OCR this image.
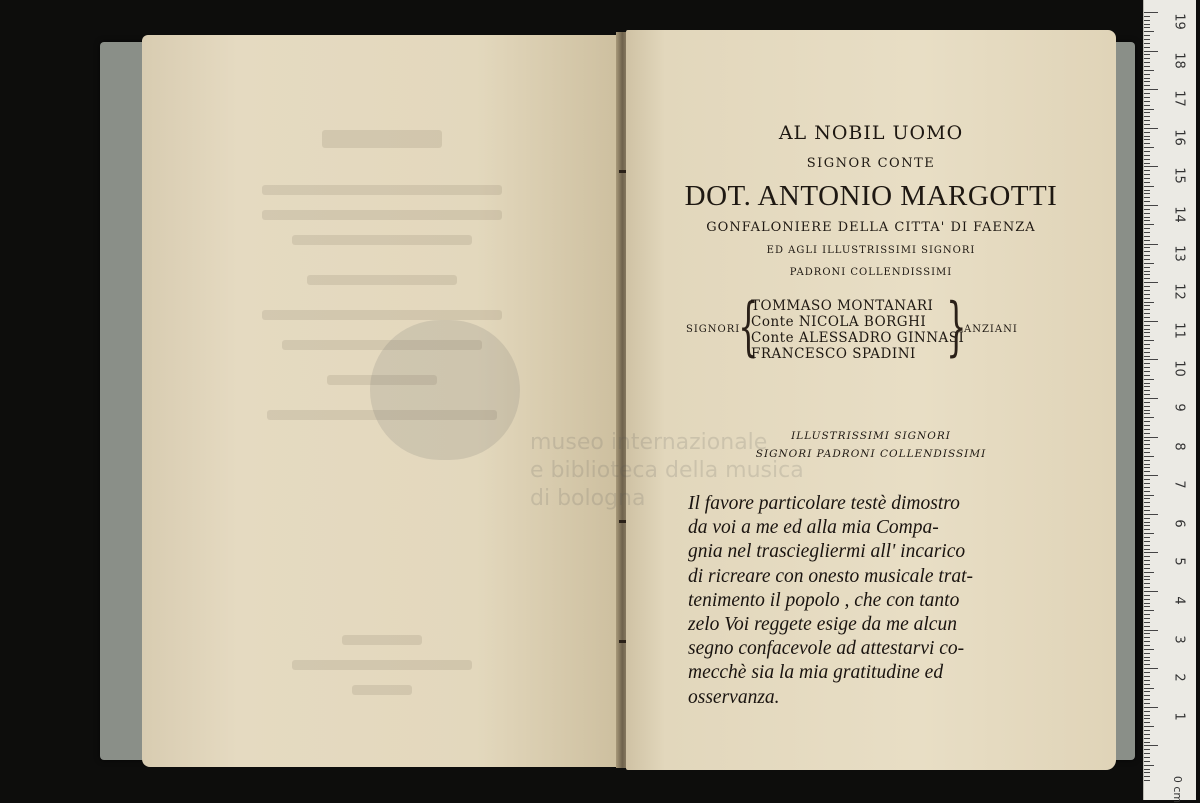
AL NOBIL UOMO
SIGNOR CONTE
DOT. ANTONIO MARGOTTI
GONFALONIERE DELLA CITTA' DI FAENZA
ED AGLI ILLUSTRISSIMI SIGNORI
PADRONI COLLENDISSIMI
SIGNORI
{
TOMMASO MONTANARI
Conte NICOLA BORGHI
Conte ALESSADRO GINNASI
FRANCESCO SPADINI }
ANZIANI
ILLUSTRISSIMI SIGNORI
SIGNORI PADRONI COLLENDISSIMI
Il favore particolare testè dimostro
da voi a me ed alla mia Compa-
gnia nel trasciegliermi all' incarico
di ricreare con onesto musicale trat-
tenimento il popolo , che con tanto
zelo Voi reggete esige da me alcun
segno confacevole ad attestarvi co-
mecchè sia la mia gratitudine ed
osservanza.
museo internazionale
e biblioteca della musica
di bologna
19
18
17
16
15
14
13
12
11
10
9
8
7
6
5
4
3
2
1
0 cm
